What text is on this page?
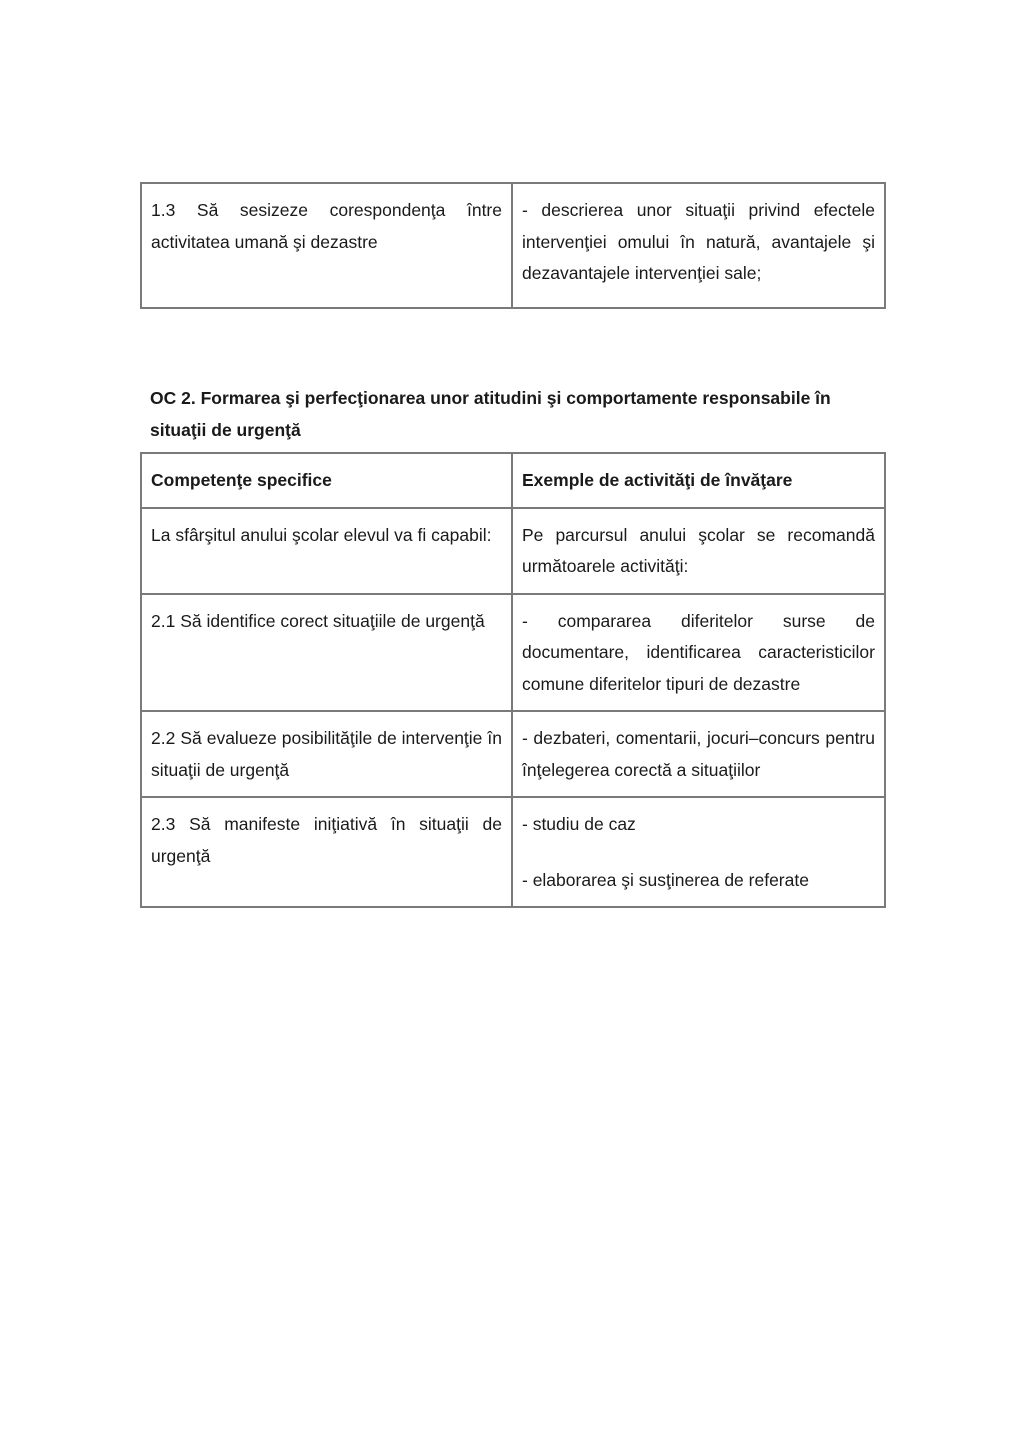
1.3 Să sesizeze corespondenţa între activitatea umană şi dezastre	- descrierea unor situaţii privind efectele intervenţiei omului în natură, avantajele şi dezavantajele intervenţiei sale;

OC 2. Formarea şi perfecţionarea unor atitudini şi comportamente responsabile în situaţii de urgenţă

Competenţe specifice	Exemple de activităţi de învăţare
La sfârşitul anului şcolar elevul va fi capabil:	Pe parcursul anului şcolar se recomandă următoarele activităţi:
2.1 Să identifice corect situaţiile de urgenţă	- compararea diferitelor surse de documentare, identificarea caracteristicilor comune diferitelor tipuri de dezastre
2.2 Să evalueze posibilităţile de intervenţie în situaţii de urgenţă	- dezbateri, comentarii, jocuri–concurs pentru înţelegerea corectă a situaţiilor
2.3 Să manifeste iniţiativă în situaţii de urgenţă	- studiu de caz
- elaborarea şi susţinerea de referate
